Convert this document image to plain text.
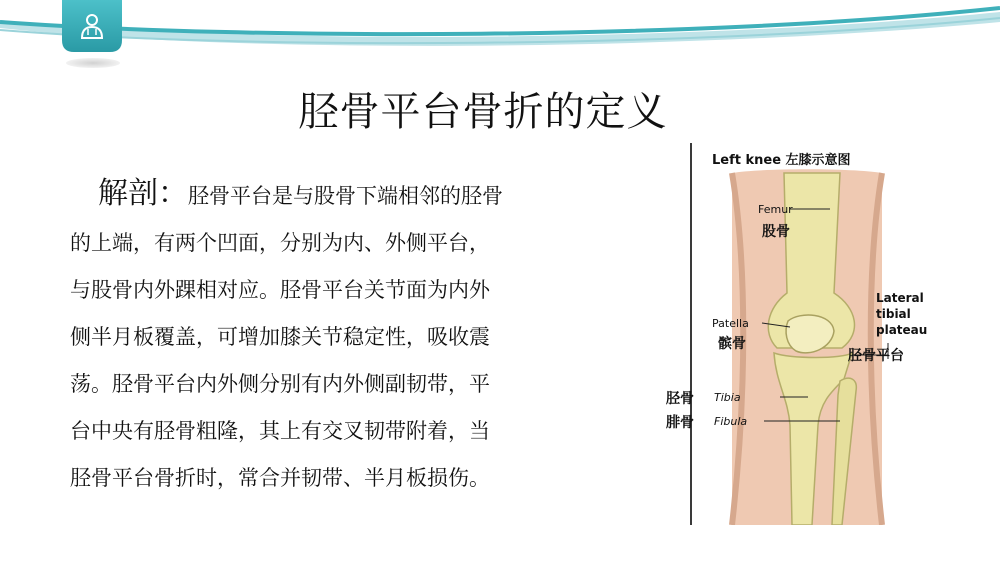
胫骨平台骨折的定义
解剖：胫骨平台是与股骨下端相邻的胫骨
的上端，有两个凹面，分别为内、外侧平台，
与股骨内外踝相对应。胫骨平台关节面为内外
侧半月板覆盖，可增加膝关节稳定性，吸收震
荡。胫骨平台内外侧分别有内外侧副韧带，平
台中央有胫骨粗隆，其上有交叉韧带附着，当
胫骨平台骨折时，常合并韧带、半月板损伤。
Left knee 左膝示意图
Femur
股骨
Patella
髌骨
Lateral
tibial
plateau
胫骨平台
胫骨 Tibia
腓骨 Fibula
